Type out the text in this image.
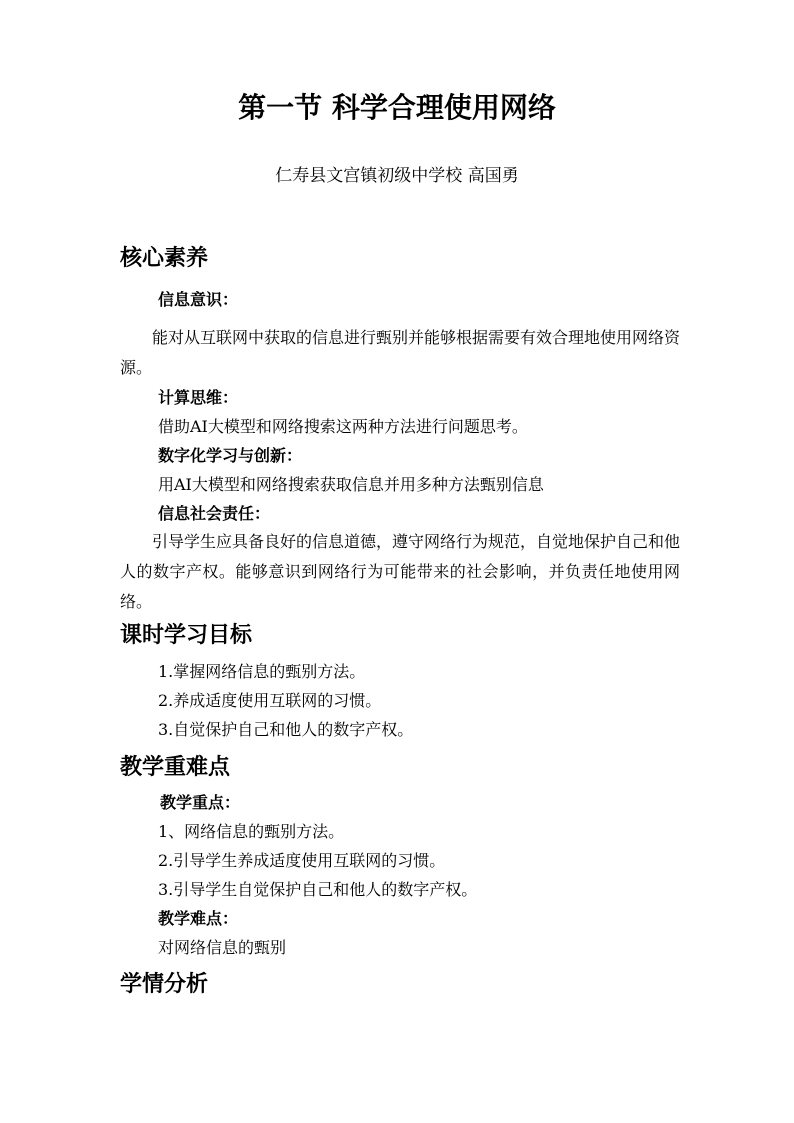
第一节 科学合理使用网络
仁寿县文宫镇初级中学校 高国勇
核心素养
信息意识：
能对从互联网中获取的信息进行甄别并能够根据需要有效合理地使用网络资源。
计算思维：
借助AI大模型和网络搜索这两种方法进行问题思考。
数字化学习与创新：
用AI大模型和网络搜索获取信息并用多种方法甄别信息
信息社会责任：
引导学生应具备良好的信息道德，遵守网络行为规范，自觉地保护自己和他人的数字产权。能够意识到网络行为可能带来的社会影响，并负责任地使用网络。
课时学习目标
1.掌握网络信息的甄别方法。
2.养成适度使用互联网的习惯。
3.自觉保护自己和他人的数字产权。
教学重难点
教学重点：
1、网络信息的甄别方法。
2.引导学生养成适度使用互联网的习惯。
3.引导学生自觉保护自己和他人的数字产权。
教学难点：
对网络信息的甄别
学情分析
